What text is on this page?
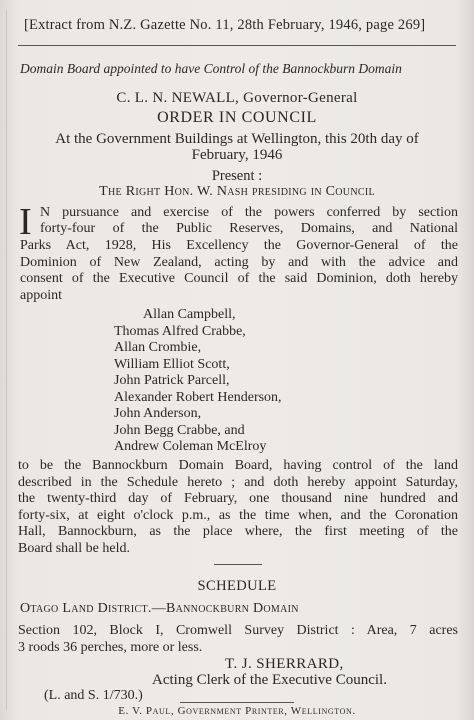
[Extract from N.Z. Gazette No. 11, 28th February, 1946, page 269]
Domain Board appointed to have Control of the Bannockburn Domain
C. L. N. NEWALL, Governor-General
ORDER IN COUNCIL
At the Government Buildings at Wellington, this 20th day of
February, 1946
Present :
The Right Hon. W. Nash presiding in Council
I N pursuance and exercise of the powers conferred by section
forty-four of the Public Reserves, Domains, and National
Parks Act, 1928, His Excellency the Governor-General of the
Dominion of New Zealand, acting by and with the advice and
consent of the Executive Council of the said Dominion, doth hereby
appoint
Allan Campbell,
Thomas Alfred Crabbe,
Allan Crombie,
William Elliot Scott,
John Patrick Parcell,
Alexander Robert Henderson,
John Anderson,
John Begg Crabbe, and
Andrew Coleman McElroy
to be the Bannockburn Domain Board, having control of the land
described in the Schedule hereto ; and doth hereby appoint Saturday,
the twenty-third day of February, one thousand nine hundred and
forty-six, at eight o'clock p.m., as the time when, and the Coronation
Hall, Bannockburn, as the place where, the first meeting of the
Board shall be held.
SCHEDULE
Otago Land District.—Bannockburn Domain
Section 102, Block I, Cromwell Survey District : Area, 7 acres
3 roods 36 perches, more or less.
T. J. SHERRARD,
Acting Clerk of the Executive Council.
(L. and S. 1/730.)
E. V. Paul, Government Printer, Wellington.
